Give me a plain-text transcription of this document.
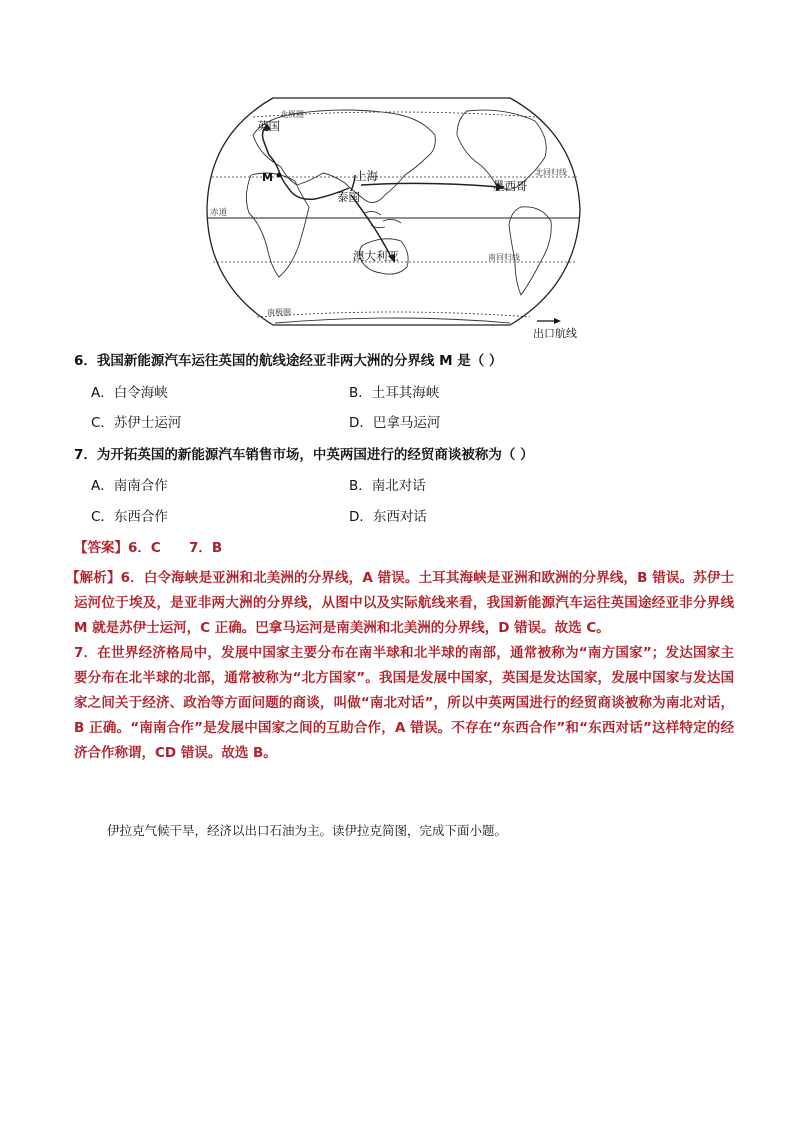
英国
M	上海
泰国
墨西哥
澳大利亚
赤道
北回归线
南回归线
北极圈
南极圈
出口航线
6．我国新能源汽车运往英国的航线途经亚非两大洲的分界线 M 是（ ）
A．白令海峡	B．土耳其海峡
C．苏伊士运河	D．巴拿马运河
7．为开拓英国的新能源汽车销售市场，中英两国进行的经贸商谈被称为（ ）
A．南南合作	B．南北对话
C．东西合作	D．东西对话
【答案】6．C      7．B

【解析】6．白令海峡是亚洲和北美洲的分界线，A 错误。土耳其海峡是亚洲和欧洲的分界线，B 错误。苏伊士运河位于埃及，是亚非两大洲的分界线，从图中以及实际航线来看，我国新能源汽车运往英国途经亚非分界线 M 就是苏伊士运河，C 正确。巴拿马运河是南美洲和北美洲的分界线，D 错误。故选 C。

7．在世界经济格局中，发展中国家主要分布在南半球和北半球的南部，通常被称为“南方国家”；发达国家主要分布在北半球的北部，通常被称为“北方国家”。我国是发展中国家，英国是发达国家，发展中国家与发达国家之间关于经济、政治等方面问题的商谈，叫做“南北对话”，所以中英两国进行的经贸商谈被称为南北对话，B 正确。“南南合作”是发展中国家之间的互助合作，A 错误。不存在“东西合作”和“东西对话”这样特定的经济合作称谓，CD 错误。故选 B。

伊拉克气候干旱，经济以出口石油为主。读伊拉克简图，完成下面小题。
